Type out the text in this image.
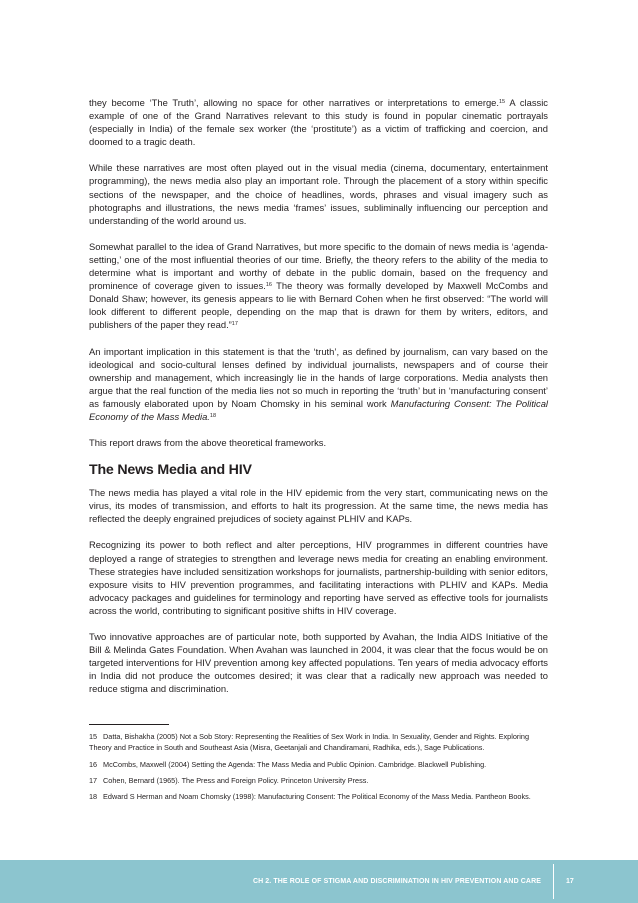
they become ‘The Truth’, allowing no space for other narratives or interpretations to emerge.$^{15}$ A classic example of one of the Grand Narratives relevant to this study is found in popular cinematic portrayals (especially in India) of the female sex worker (the ‘prostitute’) as a victim of trafficking and coercion, and doomed to a tragic death.

While these narratives are most often played out in the visual media (cinema, documentary, entertainment programming), the news media also play an important role. Through the placement of a story within specific sections of the newspaper, and the choice of headlines, words, phrases and visual imagery such as photographs and illustrations, the news media ‘frames’ issues, subliminally influencing our perception and understanding of the world around us.

Somewhat parallel to the idea of Grand Narratives, but more specific to the domain of news media is ‘agenda-setting,’ one of the most influential theories of our time. Briefly, the theory refers to the ability of the media to determine what is important and worthy of debate in the public domain, based on the frequency and prominence of coverage given to issues.$^{16}$ The theory was formally developed by Maxwell McCombs and Donald Shaw; however, its genesis appears to lie with Bernard Cohen when he first observed: “The world will look different to different people, depending on the map that is drawn for them by writers, editors, and publishers of the paper they read.”$^{17}$

An important implication in this statement is that the ‘truth’, as defined by journalism, can vary based on the ideological and socio-cultural lenses defined by individual journalists, newspapers and of course their ownership and management, which increasingly lie in the hands of large corporations. Media analysts then argue that the real function of the media lies not so much in reporting the ‘truth’ but in ‘manufacturing consent’ as famously elaborated upon by Noam Chomsky in his seminal work Manufacturing Consent: The Political Economy of the Mass Media.$^{18}$

This report draws from the above theoretical frameworks.

The News Media and HIV

The news media has played a vital role in the HIV epidemic from the very start, communicating news on the virus, its modes of transmission, and efforts to halt its progression. At the same time, the news media has reflected the deeply engrained prejudices of society against PLHIV and KAPs.

Recognizing its power to both reflect and alter perceptions, HIV programmes in different countries have deployed a range of strategies to strengthen and leverage news media for creating an enabling environment. These strategies have included sensitization workshops for journalists, partnership-building with senior editors, exposure visits to HIV prevention programmes, and facilitating interactions with PLHIV and KAPs. Media advocacy packages and guidelines for terminology and reporting have served as effective tools for journalists across the world, contributing to significant positive shifts in HIV coverage.

Two innovative approaches are of particular note, both supported by Avahan, the India AIDS Initiative of the Bill & Melinda Gates Foundation. When Avahan was launched in 2004, it was clear that the focus would be on targeted interventions for HIV prevention among key affected populations. Ten years of media advocacy efforts in India did not produce the outcomes desired; it was clear that a radically new approach was needed to reduce stigma and discrimination.

15 Datta, Bishakha (2005) Not a Sob Story: Representing the Realities of Sex Work in India. In Sexuality, Gender and Rights. Exploring Theory and Practice in South and Southeast Asia (Misra, Geetanjali and Chandiramani, Radhika, eds.), Sage Publications.

16 McCombs, Maxwell (2004) Setting the Agenda: The Mass Media and Public Opinion. Cambridge. Blackwell Publishing.

17 Cohen, Bernard (1965). The Press and Foreign Policy. Princeton University Press.

18 Edward S Herman and Noam Chomsky (1998): Manufacturing Consent: The Political Economy of the Mass Media. Pantheon Books.

CH 2. THE ROLE OF STIGMA AND DISCRIMINATION IN HIV PREVENTION AND CARE	17
